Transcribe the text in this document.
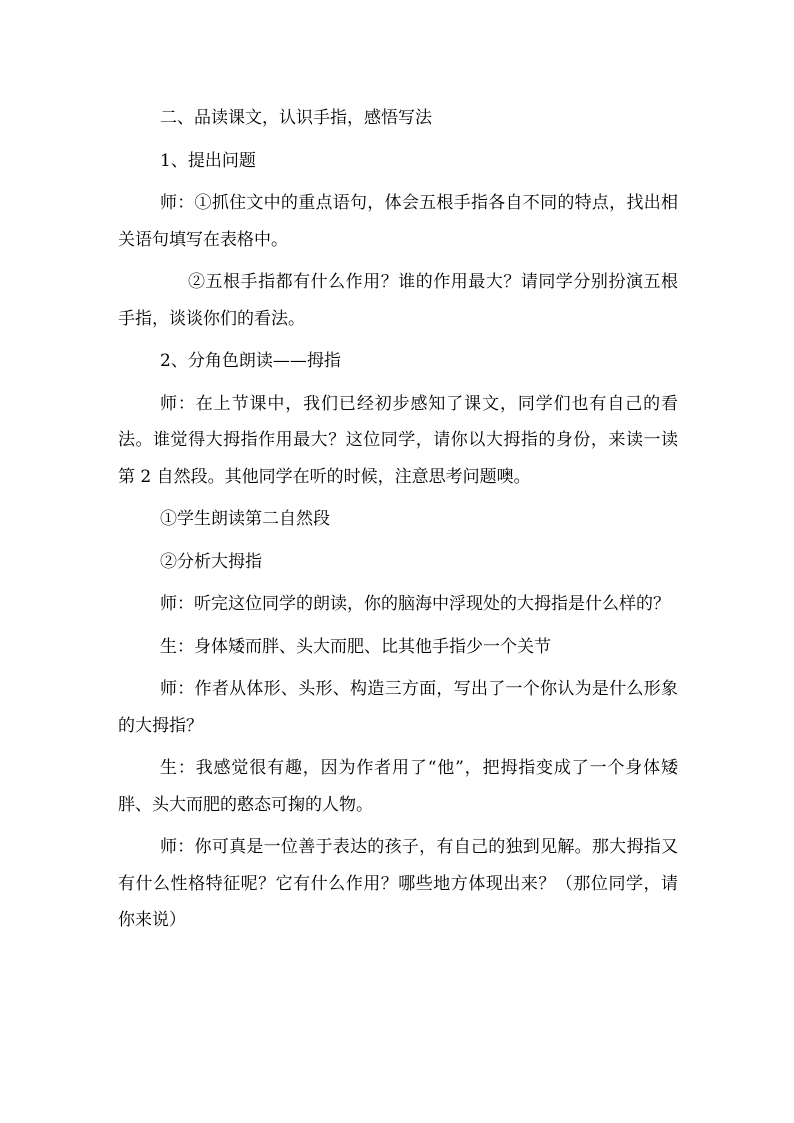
二、品读课文，认识手指，感悟写法

1、提出问题

师：①抓住文中的重点语句，体会五根手指各自不同的特点，找出相关语句填写在表格中。

②五根手指都有什么作用？谁的作用最大？请同学分别扮演五根手指，谈谈你们的看法。

2、分角色朗读——拇指

师：在上节课中，我们已经初步感知了课文，同学们也有自己的看法。谁觉得大拇指作用最大？这位同学，请你以大拇指的身份，来读一读第 2 自然段。其他同学在听的时候，注意思考问题噢。

①学生朗读第二自然段

②分析大拇指

师：听完这位同学的朗读，你的脑海中浮现处的大拇指是什么样的？

生：身体矮而胖、头大而肥、比其他手指少一个关节

师：作者从体形、头形、构造三方面，写出了一个你认为是什么形象的大拇指？

生：我感觉很有趣，因为作者用了“他”，把拇指变成了一个身体矮胖、头大而肥的憨态可掬的人物。

师：你可真是一位善于表达的孩子，有自己的独到见解。那大拇指又有什么性格特征呢？它有什么作用？哪些地方体现出来？（那位同学，请你来说）
